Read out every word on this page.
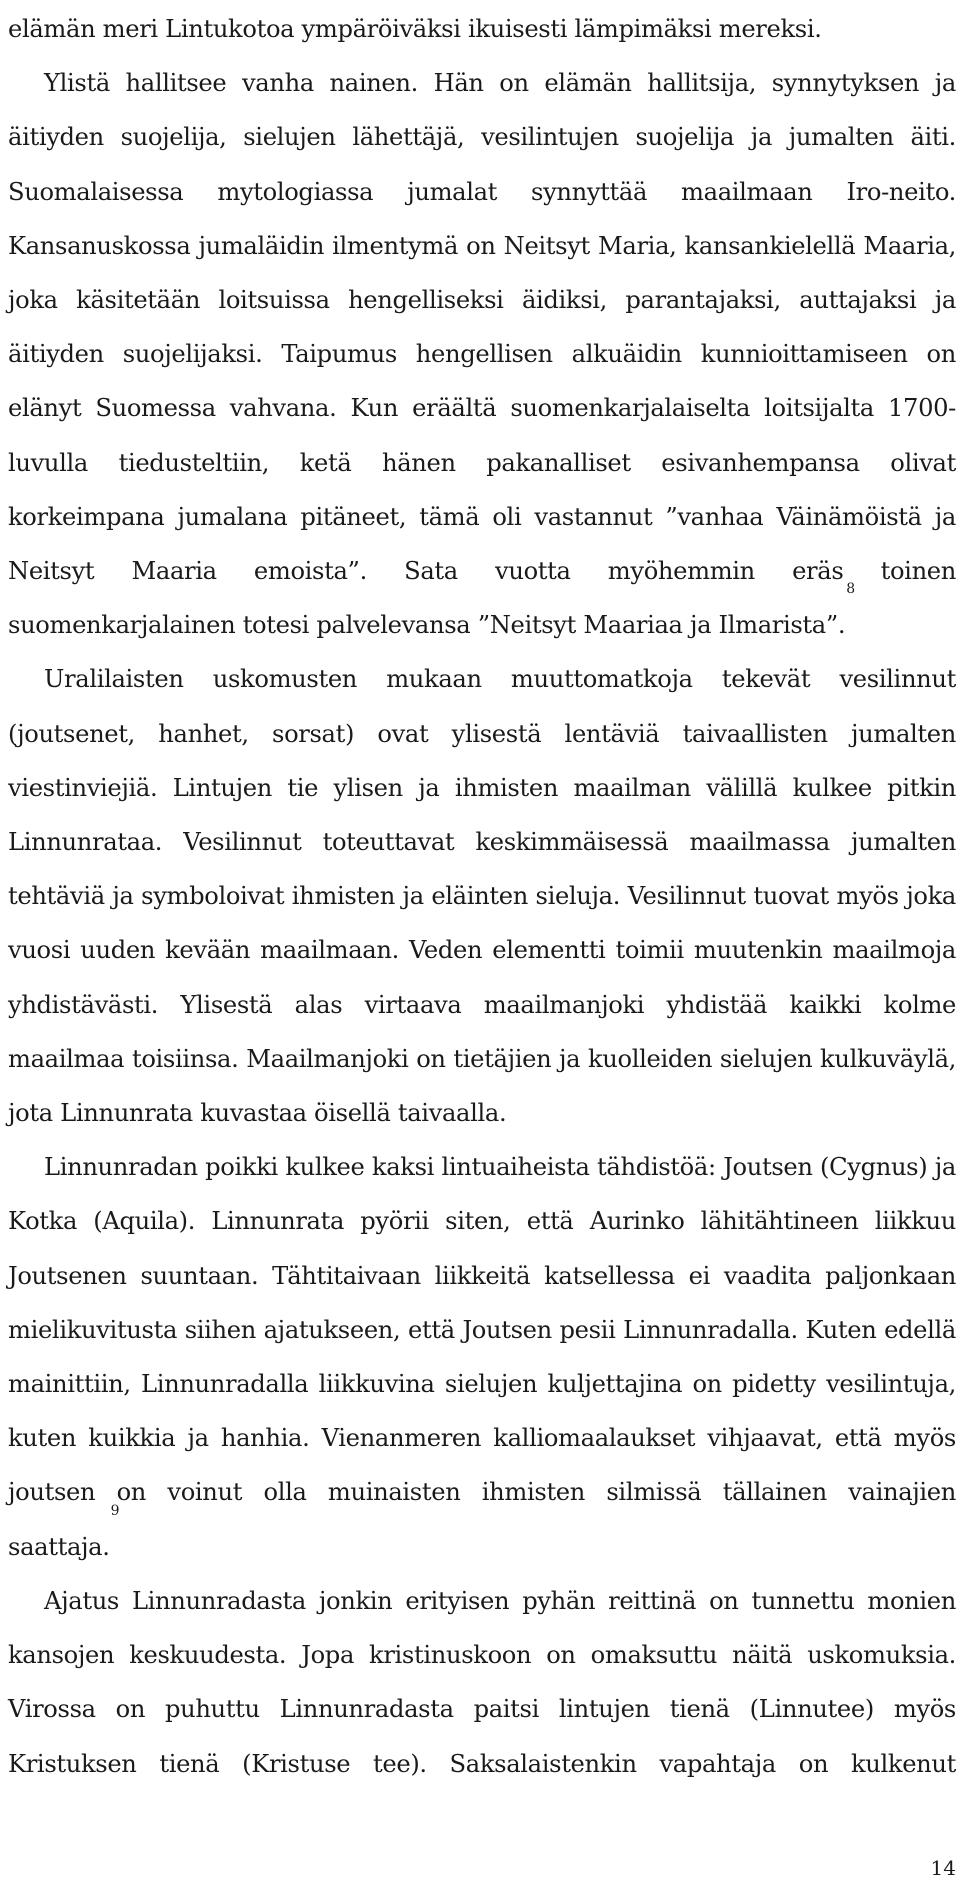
elämän meri Lintukotoa ympäröiväksi ikuisesti lämpimäksi mereksi.

Ylistä hallitsee vanha nainen. Hän on elämän hallitsija, synnytyksen ja äitiyden suojelija, sielujen lähettäjä, vesilintujen suojelija ja jumalten äiti. Suomalaisessa mytologiassa jumalat synnyttää maailmaan Iro-neito. Kansanuskossa jumaläidin ilmentymä on Neitsyt Maria, kansankielellä Maaria, joka käsitetään loitsuissa hengelliseksi äidiksi, parantajaksi, auttajaksi ja äitiyden suojelijaksi. Taipumus hengellisen alkuäidin kunnioittamiseen on elänyt Suomessa vahvana. Kun eräältä suomenkarjalaiselta loitsijalta 1700-luvulla tiedusteltiin, ketä hänen pakanalliset esivanhempansa olivat korkeimpana jumalana pitäneet, tämä oli vastannut ”vanhaa Väinämöistä ja Neitsyt Maaria emoista”. Sata vuotta myöhemmin eräs toinen suomenkarjalainen totesi palvelevansa ”Neitsyt Maariaa ja Ilmarista”.$^8$

Uralilaisten uskomusten mukaan muuttomatkoja tekevät vesilinnut (joutsenet, hanhet, sorsat) ovat ylisestä lentäviä taivaallisten jumalten viestinviejiä. Lintujen tie ylisen ja ihmisten maailman välillä kulkee pitkin Linnunrataa. Vesilinnut toteuttavat keskimmäisessä maailmassa jumalten tehtäviä ja symboloivat ihmisten ja eläinten sieluja. Vesilinnut tuovat myös joka vuosi uuden kevään maailmaan. Veden elementti toimii muutenkin maailmoja yhdistävästi. Ylisestä alas virtaava maailmanjoki yhdistää kaikki kolme maailmaa toisiinsa. Maailmanjoki on tietäjien ja kuolleiden sielujen kulkuväylä, jota Linnunrata kuvastaa öisellä taivaalla.

Linnunradan poikki kulkee kaksi lintuaiheista tähdistöä: Joutsen (Cygnus) ja Kotka (Aquila). Linnunrata pyörii siten, että Aurinko lähitähtineen liikkuu Joutsenen suuntaan. Tähtitaivaan liikkeitä katsellessa ei vaadita paljonkaan mielikuvitusta siihen ajatukseen, että Joutsen pesii Linnunradalla. Kuten edellä mainittiin, Linnunradalla liikkuvina sielujen kuljettajina on pidetty vesilintuja, kuten kuikkia ja hanhia. Vienanmeren kalliomaalaukset vihjaavat, että myös joutsen on voinut olla muinaisten ihmisten silmissä tällainen vainajien saattaja.$^9$

Ajatus Linnunradasta jonkin erityisen pyhän reittinä on tunnettu monien kansojen keskuudesta. Jopa kristinuskoon on omaksuttu näitä uskomuksia. Virossa on puhuttu Linnunradasta paitsi lintujen tienä (Linnutee) myös Kristuksen tienä (Kristuse tee). Saksalaistenkin vapahtaja on kulkenut

14
